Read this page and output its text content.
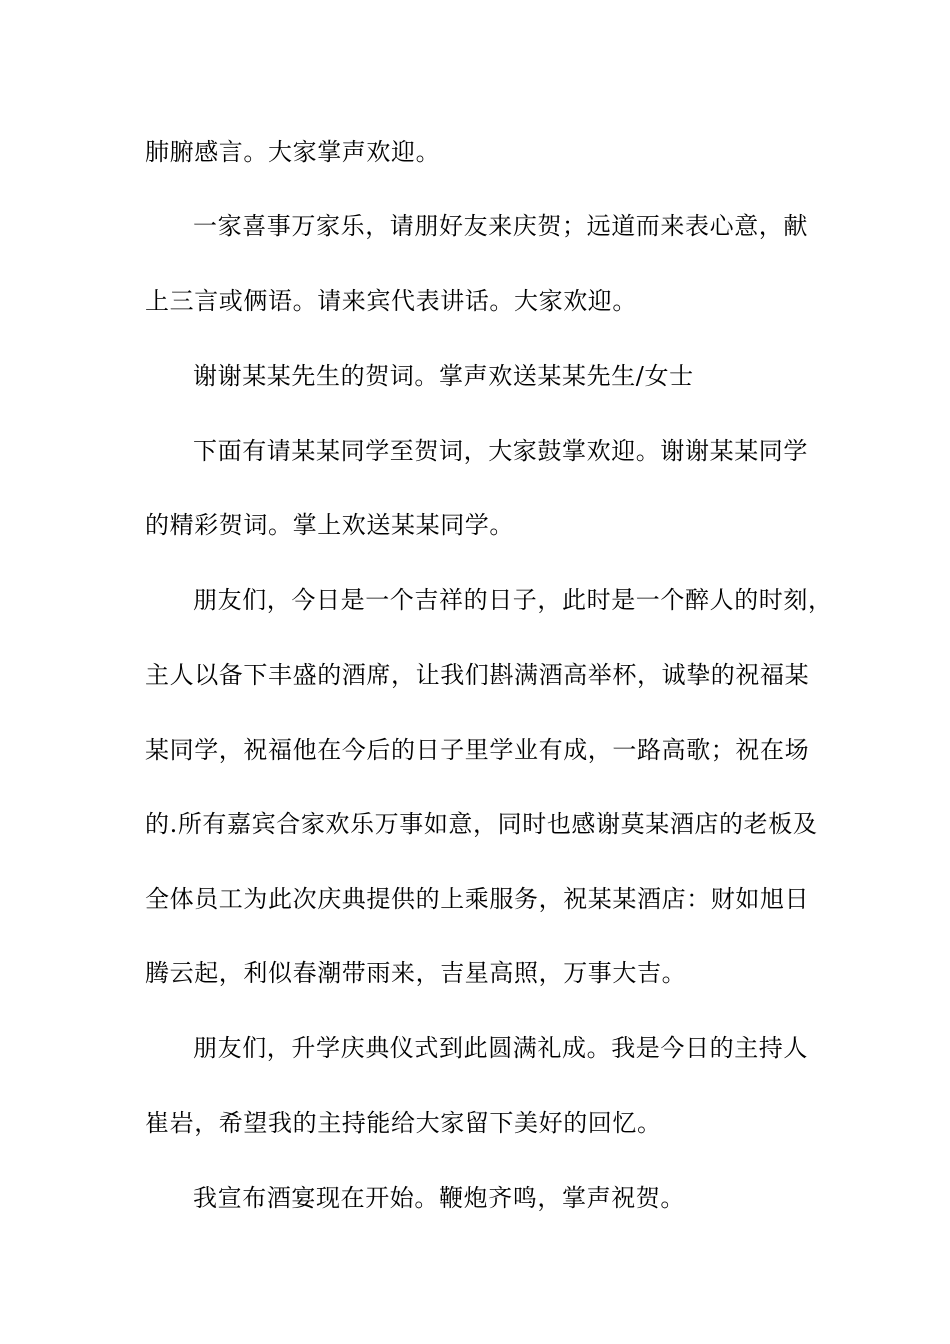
肺腑感言。大家掌声欢迎。
一家喜事万家乐，请朋好友来庆贺；远道而来表心意，献
上三言或俩语。请来宾代表讲话。大家欢迎。
谢谢某某先生的贺词。掌声欢送某某先生/女士
下面有请某某同学至贺词，大家鼓掌欢迎。谢谢某某同学
的精彩贺词。掌上欢送某某同学。
朋友们，今日是一个吉祥的日子，此时是一个醉人的时刻，
主人以备下丰盛的酒席，让我们斟满酒高举杯，诚挚的祝福某
某同学，祝福他在今后的日子里学业有成，一路高歌；祝在场
的.所有嘉宾合家欢乐万事如意，同时也感谢莫某酒店的老板及
全体员工为此次庆典提供的上乘服务，祝某某酒店：财如旭日
腾云起，利似春潮带雨来，吉星高照，万事大吉。
朋友们，升学庆典仪式到此圆满礼成。我是今日的主持人
崔岩，希望我的主持能给大家留下美好的回忆。
我宣布酒宴现在开始。鞭炮齐鸣，掌声祝贺。
